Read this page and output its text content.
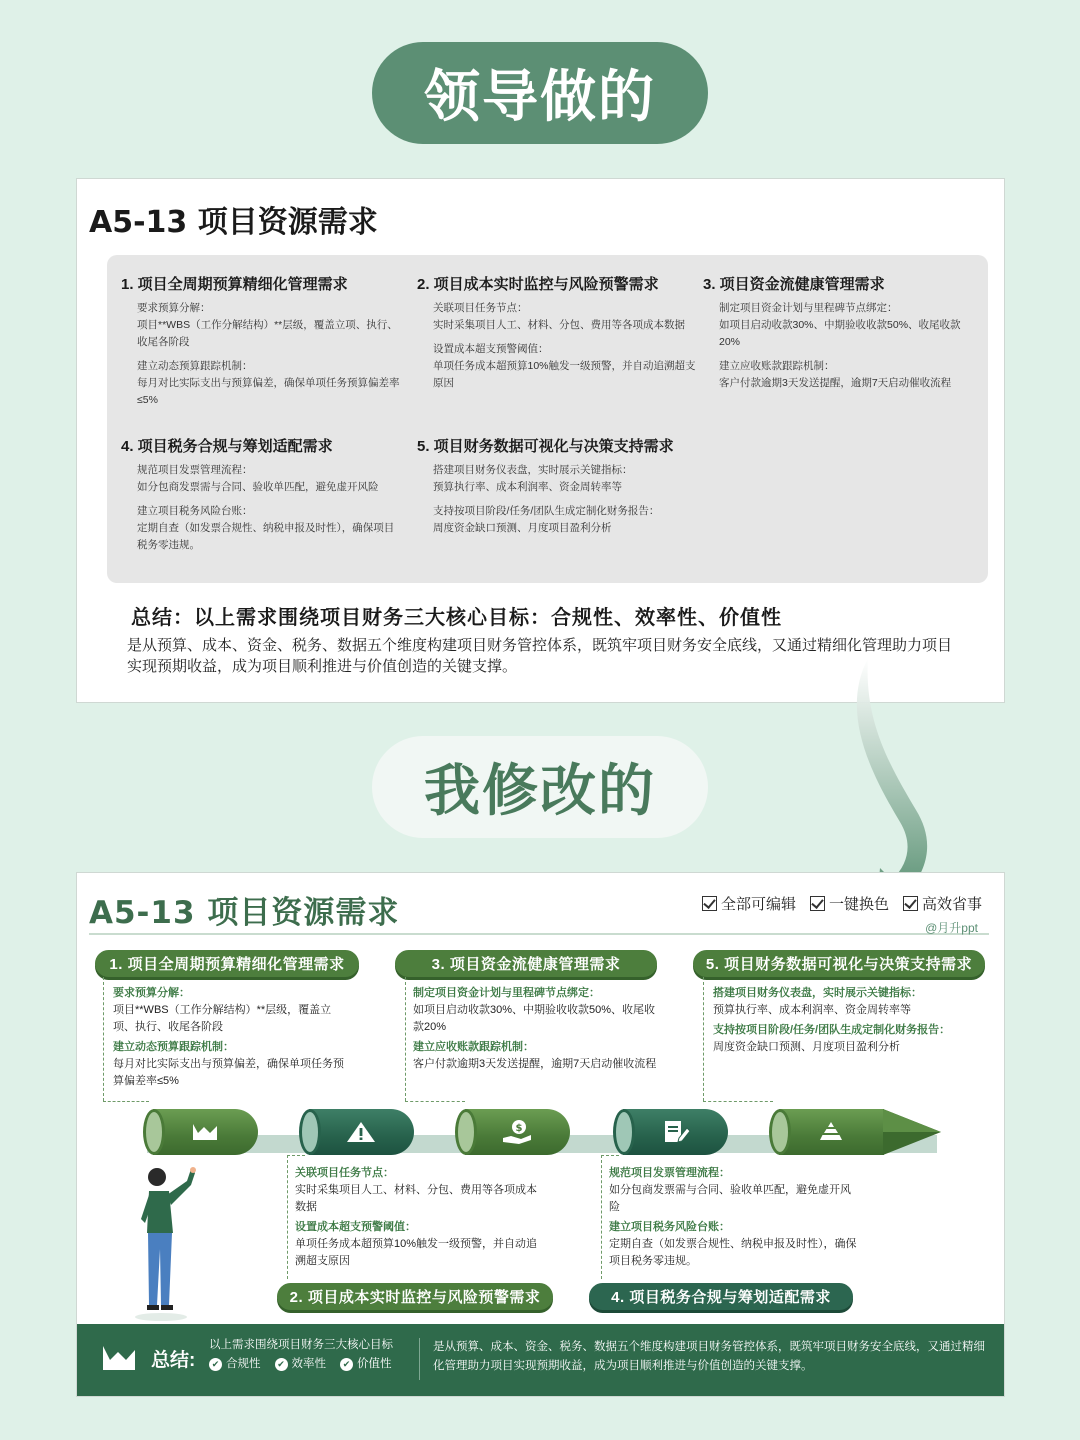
领导做的
我修改的
A5-13 项目资源需求
1. 项目全周期预算精细化管理需求

要求预算分解：

项目**WBS（工作分解结构）**层级，覆盖立项、执行、收尾各阶段

建立动态预算跟踪机制：

每月对比实际支出与预算偏差，确保单项任务预算偏差率≤5%

2. 项目成本实时监控与风险预警需求

关联项目任务节点：

实时采集项目人工、材料、分包、费用等各项成本数据

设置成本超支预警阈值：

单项任务成本超预算10%触发一级预警，并自动追溯超支原因

3. 项目资金流健康管理需求

制定项目资金计划与里程碑节点绑定：

如项目启动收款30%、中期验收收款50%、收尾收款20%

建立应收账款跟踪机制：

客户付款逾期3天发送提醒，逾期7天启动催收流程

4. 项目税务合规与筹划适配需求

规范项目发票管理流程：

如分包商发票需与合同、验收单匹配，避免虚开风险

建立项目税务风险台账：

定期自查（如发票合规性、纳税申报及时性），确保项目税务零违规。

5. 项目财务数据可视化与决策支持需求

搭建项目财务仪表盘，实时展示关键指标：

预算执行率、成本利润率、资金周转率等

支持按项目阶段/任务/团队生成定制化财务报告：

周度资金缺口预测、月度项目盈利分析

总结：以上需求围绕项目财务三大核心目标：合规性、效率性、价值性
是从预算、成本、资金、税务、数据五个维度构建项目财务管控体系，既筑牢项目财务安全底线，又通过精细化管理助力项目实现预期收益，成为项目顺利推进与价值创造的关键支撑。
A5-13 项目资源需求	全部可编辑 一键换色 高效省事
@月升ppt
1. 项目全周期预算精细化管理需求	3. 项目资金流健康管理需求	5. 项目财务数据可视化与决策支持需求
要求预算分解：
项目**WBS（工作分解结构）**层级，覆盖立项、执行、收尾各阶段
建立动态预算跟踪机制：
每月对比实际支出与预算偏差，确保单项任务预算偏差率≤5%
制定项目资金计划与里程碑节点绑定：
如项目启动收款30%、中期验收收款50%、收尾收款20%
建立应收账款跟踪机制：
客户付款逾期3天发送提醒，逾期7天启动催收流程
搭建项目财务仪表盘，实时展示关键指标：
预算执行率、成本利润率、资金周转率等
支持按项目阶段/任务/团队生成定制化财务报告：
周度资金缺口预测、月度项目盈利分析
$
关联项目任务节点：
实时采集项目人工、材料、分包、费用等各项成本数据
设置成本超支预警阈值：
单项任务成本超预算10%触发一级预警，并自动追溯超支原因
规范项目发票管理流程：
如分包商发票需与合同、验收单匹配，避免虚开风险
建立项目税务风险台账：
定期自查（如发票合规性、纳税申报及时性），确保项目税务零违规。
2. 项目成本实时监控与风险预警需求	4. 项目税务合规与筹划适配需求
总结:
以上需求围绕项目财务三大核心目标
✔ 合规性	✔ 效率性	✔ 价值性
是从预算、成本、资金、税务、数据五个维度构建项目财务管控体系，既筑牢项目财务安全底线，又通过精细化管理助力项目实现预期收益，成为项目顺利推进与价值创造的关键支撑。
